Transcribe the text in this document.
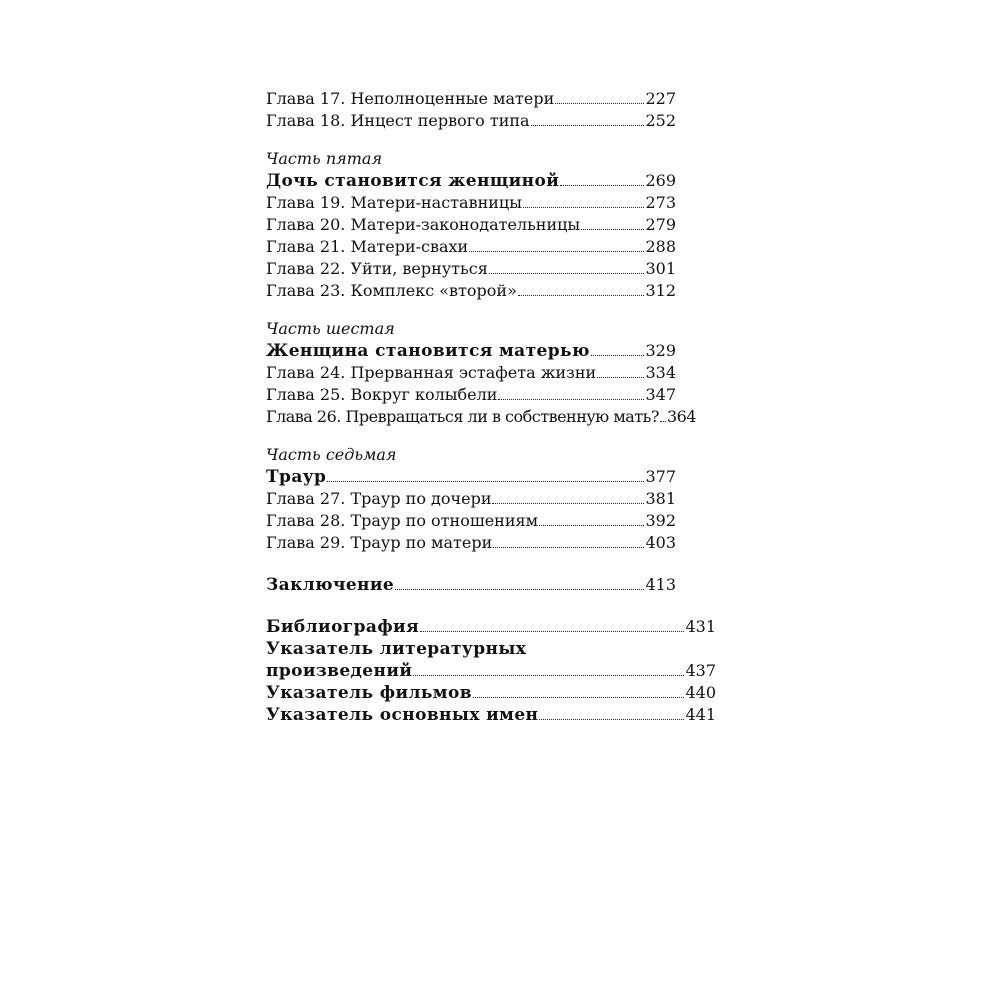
Глава 17. Неполноценные матери	227
Глава 18. Инцест первого типа	252
Часть пятая
Дочь становится женщиной	269
Глава 19. Матери-наставницы	273
Глава 20. Матери-законодательницы	279
Глава 21. Матери-свахи	288
Глава 22. Уйти, вернуться	301
Глава 23. Комплекс «второй»	312
Часть шестая
Женщина становится матерью	329
Глава 24. Прерванная эстафета жизни	334
Глава 25. Вокруг колыбели	347
Глава 26. Превращаться ли в собственную мать? 364
Часть седьмая
Траур	377
Глава 27. Траур по дочери	381
Глава 28. Траур по отношениям	392
Глава 29. Траур по матери	403
Заключение	413
Библиография	431
Указатель литературных
произведений	437
Указатель фильмов	440
Указатель основных имен	441
